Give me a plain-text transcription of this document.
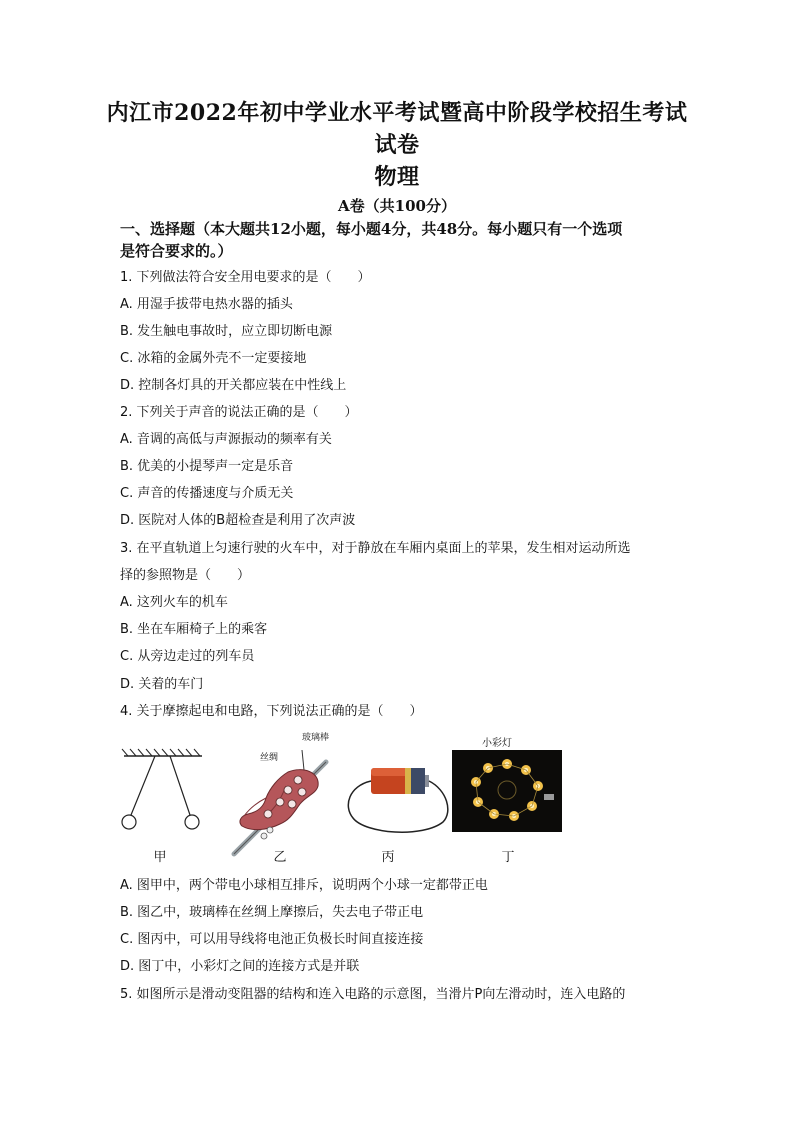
内江市2022年初中学业水平考试暨高中阶段学校招生考试
试卷
物理
A卷（共100分）
一、选择题（本大题共12小题，每小题4分，共48分。每小题只有一个选项
是符合要求的。）
1. 下列做法符合安全用电要求的是（　　）
A. 用湿手拔带电热水器的插头
B. 发生触电事故时，应立即切断电源
C. 冰箱的金属外壳不一定要接地
D. 控制各灯具的开关都应装在中性线上
2. 下列关于声音的说法正确的是（　　）
A. 音调的高低与声源振动的频率有关
B. 优美的小提琴声一定是乐音
C. 声音的传播速度与介质无关
D. 医院对人体的B超检查是利用了次声波
3. 在平直轨道上匀速行驶的火车中，对于静放在车厢内桌面上的苹果，发生相对运动所选
择的参照物是（　　）
A. 这列火车的机车
B. 坐在车厢椅子上的乘客
C. 从旁边走过的列车员
D. 关着的车门
4. 关于摩擦起电和电路，下列说法正确的是（　　）
丝绸
玻璃棒	小彩灯
甲	乙	丙	丁
A. 图甲中，两个带电小球相互排斥，说明两个小球一定都带正电
B. 图乙中，玻璃棒在丝绸上摩擦后，失去电子带正电
C. 图丙中，可以用导线将电池正负极长时间直接连接
D. 图丁中，小彩灯之间的连接方式是并联
5. 如图所示是滑动变阻器的结构和连入电路的示意图，当滑片P向左滑动时，连入电路的
